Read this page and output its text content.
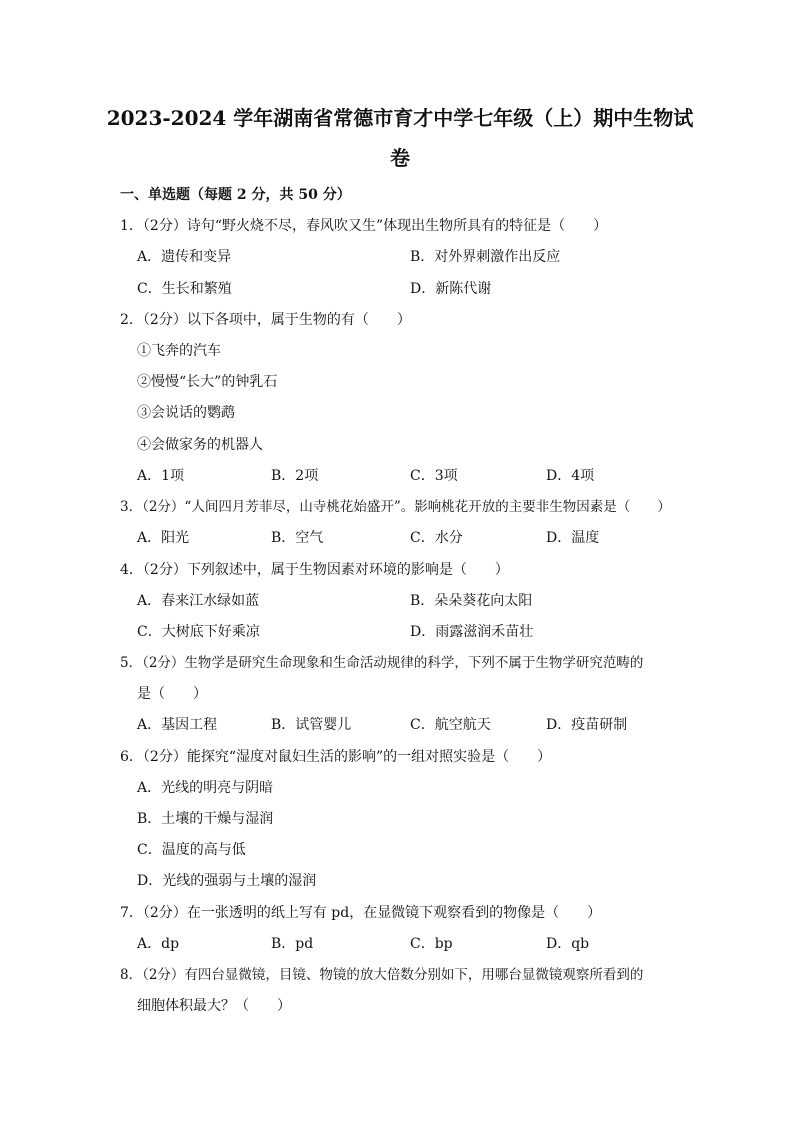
2023-2024 学年湖南省常德市育才中学七年级（上）期中生物试
卷
一、单选题（每题 2 分，共 50 分）
1．（2分）诗句“野火烧不尽，春风吹又生”体现出生物所具有的特征是（　　）
A．遗传和变异	B．对外界刺激作出反应
C．生长和繁殖	D．新陈代谢
2．（2分）以下各项中，属于生物的有（　　）
①飞奔的汽车
②慢慢“长大”的钟乳石
③会说话的鹦鹉
④会做家务的机器人
A．1项	B．2项	C．3项	D．4项
3．（2分）“人间四月芳菲尽，山寺桃花始盛开”。影响桃花开放的主要非生物因素是（　　）
A．阳光	B．空气	C．水分	D．温度
4．（2分）下列叙述中，属于生物因素对环境的影响是（　　）
A．春来江水绿如蓝	B．朵朵葵花向太阳
C．大树底下好乘凉	D．雨露滋润禾苗壮
5．（2分）生物学是研究生命现象和生命活动规律的科学，下列不属于生物学研究范畴的
是（　　）
A．基因工程	B．试管婴儿	C．航空航天	D．疫苗研制
6．（2分）能探究“湿度对鼠妇生活的影响”的一组对照实验是（　　）
A．光线的明亮与阴暗
B．土壤的干燥与湿润
C．温度的高与低
D．光线的强弱与土壤的湿润
7．（2分）在一张透明的纸上写有 pd，在显微镜下观察看到的物像是（　　）
A．dp	B．pd	C．bp	D．qb
8．（2分）有四台显微镜，目镜、物镜的放大倍数分别如下，用哪台显微镜观察所看到的
细胞体积最大？（　　）
